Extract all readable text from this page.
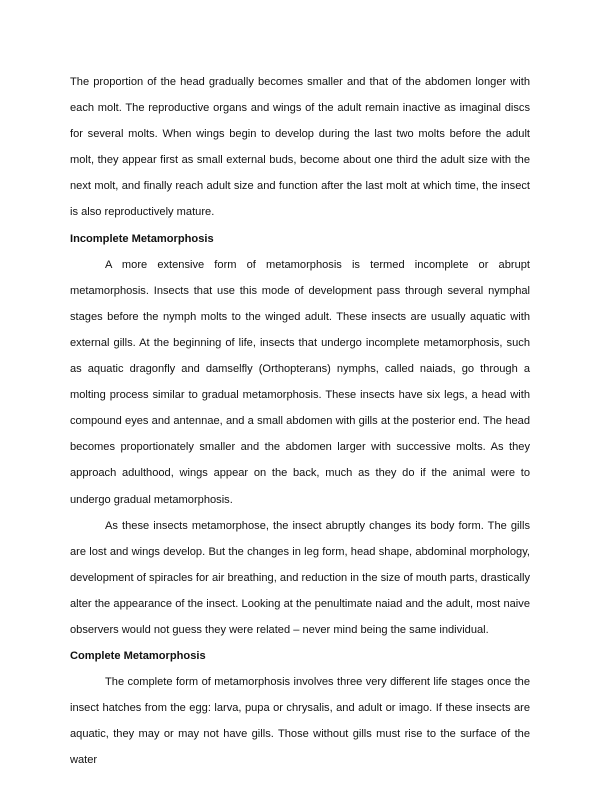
The proportion of the head gradually becomes smaller and that of the abdomen longer with each molt. The reproductive organs and wings of the adult remain inactive as imaginal discs for several molts. When wings begin to develop during the last two molts before the adult molt, they appear first as small external buds, become about one third the adult size with the next molt, and finally reach adult size and function after the last molt at which time, the insect is also reproductively mature.

Incomplete Metamorphosis

A more extensive form of metamorphosis is termed incomplete or abrupt metamorphosis. Insects that use this mode of development pass through several nymphal stages before the nymph molts to the winged adult. These insects are usually aquatic with external gills. At the beginning of life, insects that undergo incomplete metamorphosis, such as aquatic dragonfly and damselfly (Orthopterans) nymphs, called naiads, go through a molting process similar to gradual metamorphosis. These insects have six legs, a head with compound eyes and antennae, and a small abdomen with gills at the posterior end. The head becomes proportionately smaller and the abdomen larger with successive molts. As they approach adulthood, wings appear on the back, much as they do if the animal were to undergo gradual metamorphosis.

As these insects metamorphose, the insect abruptly changes its body form. The gills are lost and wings develop. But the changes in leg form, head shape, abdominal morphology, development of spiracles for air breathing, and reduction in the size of mouth parts, drastically alter the appearance of the insect. Looking at the penultimate naiad and the adult, most naive observers would not guess they were related – never mind being the same individual.

Complete Metamorphosis

The complete form of metamorphosis involves three very different life stages once the insect hatches from the egg: larva, pupa or chrysalis, and adult or imago. If these insects are aquatic, they may or may not have gills. Those without gills must rise to the surface of the water
